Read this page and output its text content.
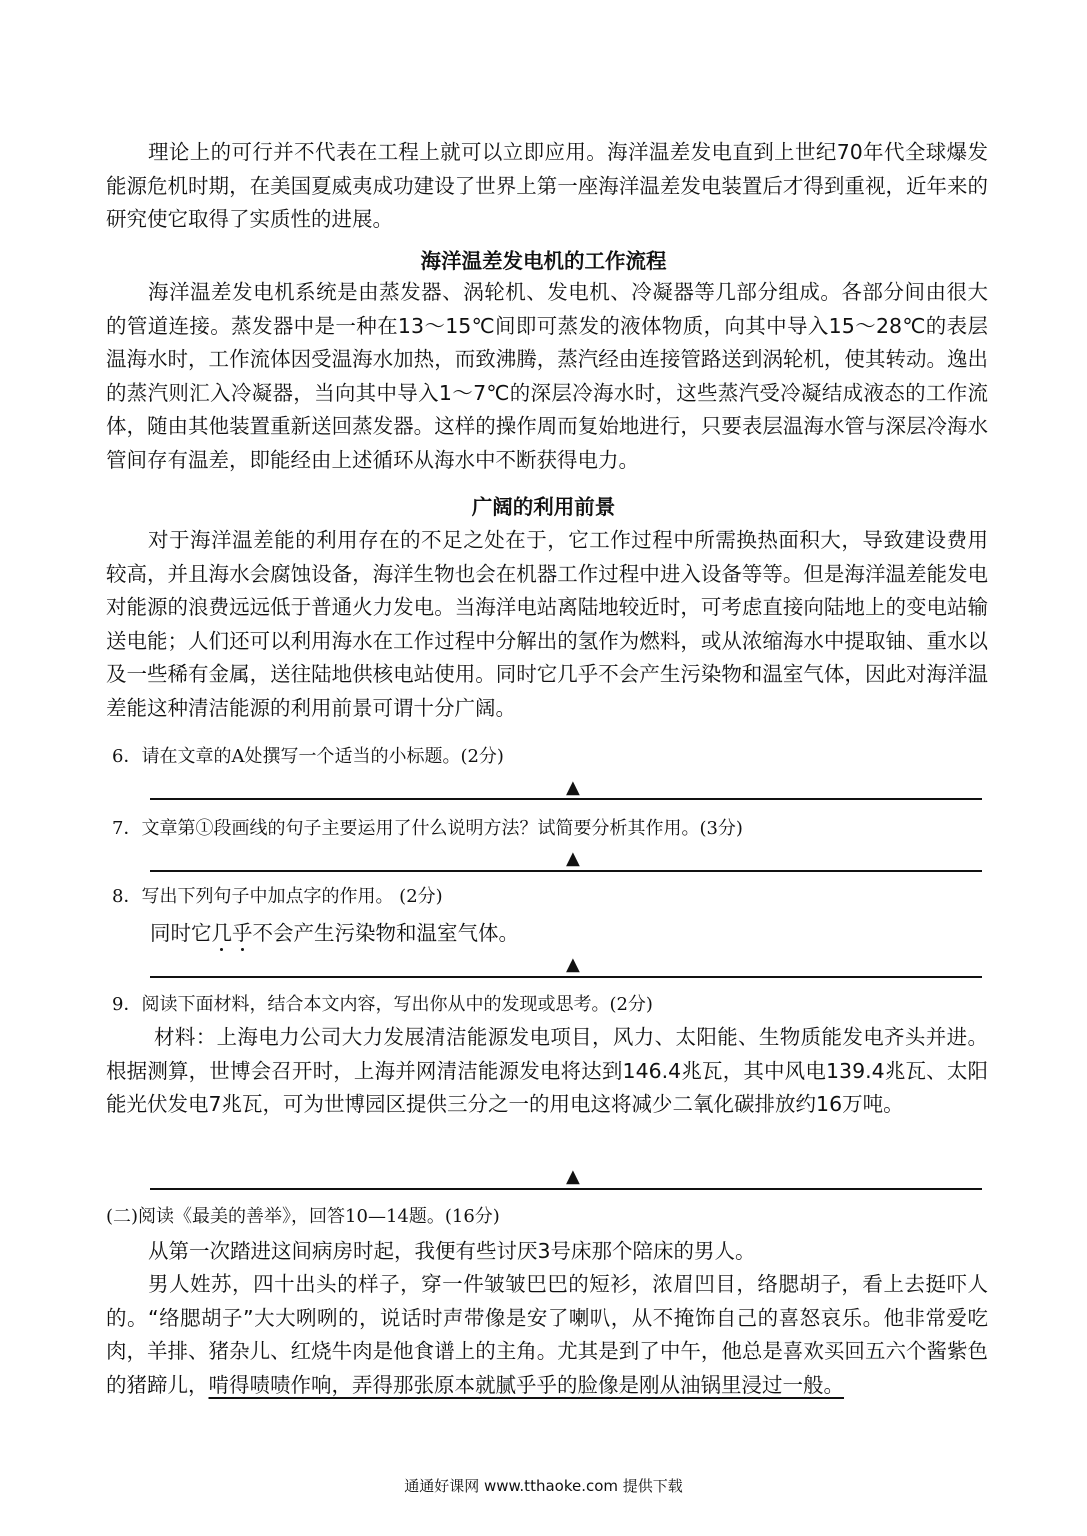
理论上的可行并不代表在工程上就可以立即应用。海洋温差发电直到上世纪70年代全球爆发能源危机时期，在美国夏威夷成功建设了世界上第一座海洋温差发电装置后才得到重视，近年来的研究使它取得了实质性的进展。
海洋温差发电机的工作流程
海洋温差发电机系统是由蒸发器、涡轮机、发电机、冷凝器等几部分组成。各部分间由很大的管道连接。蒸发器中是一种在13～15℃间即可蒸发的液体物质，向其中导入15～28℃的表层温海水时，工作流体因受温海水加热，而致沸腾，蒸汽经由连接管路送到涡轮机，使其转动。逸出的蒸汽则汇入冷凝器，当向其中导入1～7℃的深层冷海水时，这些蒸汽受冷凝结成液态的工作流体，随由其他装置重新送回蒸发器。这样的操作周而复始地进行，只要表层温海水管与深层冷海水管间存有温差，即能经由上述循环从海水中不断获得电力。
广阔的利用前景
对于海洋温差能的利用存在的不足之处在于，它工作过程中所需换热面积大，导致建设费用较高，并且海水会腐蚀设备，海洋生物也会在机器工作过程中进入设备等等。但是海洋温差能发电对能源的浪费远远低于普通火力发电。当海洋电站离陆地较近时，可考虑直接向陆地上的变电站输送电能；人们还可以利用海水在工作过程中分解出的氢作为燃料，或从浓缩海水中提取铀、重水以及一些稀有金属，送往陆地供核电站使用。同时它几乎不会产生污染物和温室气体，因此对海洋温差能这种清洁能源的利用前景可谓十分广阔。
6．请在文章的A处撰写一个适当的小标题。(2分)
▲
7．文章第①段画线的句子主要运用了什么说明方法？试简要分析其作用。(3分)
▲
8．写出下列句子中加点字的作用。 (2分)
同时它几乎不会产生污染物和温室气体。
▲
9．阅读下面材料，结合本文内容，写出你从中的发现或思考。(2分)
材料：上海电力公司大力发展清洁能源发电项目，风力、太阳能、生物质能发电齐头并进。根据测算，世博会召开时，上海并网清洁能源发电将达到146.4兆瓦，其中风电139.4兆瓦、太阳能光伏发电7兆瓦，可为世博园区提供三分之一的用电这将减少二氧化碳排放约16万吨。
▲
(二)阅读《最美的善举》，回答10—14题。(16分)
从第一次踏进这间病房时起，我便有些讨厌3号床那个陪床的男人。
男人姓苏，四十出头的样子，穿一件皱皱巴巴的短衫，浓眉凹目，络腮胡子，看上去挺吓人的。“络腮胡子”大大咧咧的，说话时声带像是安了喇叭，从不掩饰自己的喜怒哀乐。他非常爱吃肉，羊排、猪杂儿、红烧牛肉是他食谱上的主角。尤其是到了中午，他总是喜欢买回五六个酱紫色的猪蹄儿，啃得啧啧作响，弄得那张原本就腻乎乎的脸像是刚从油锅里浸过一般。
通通好课网 www.tthaoke.com 提供下载
